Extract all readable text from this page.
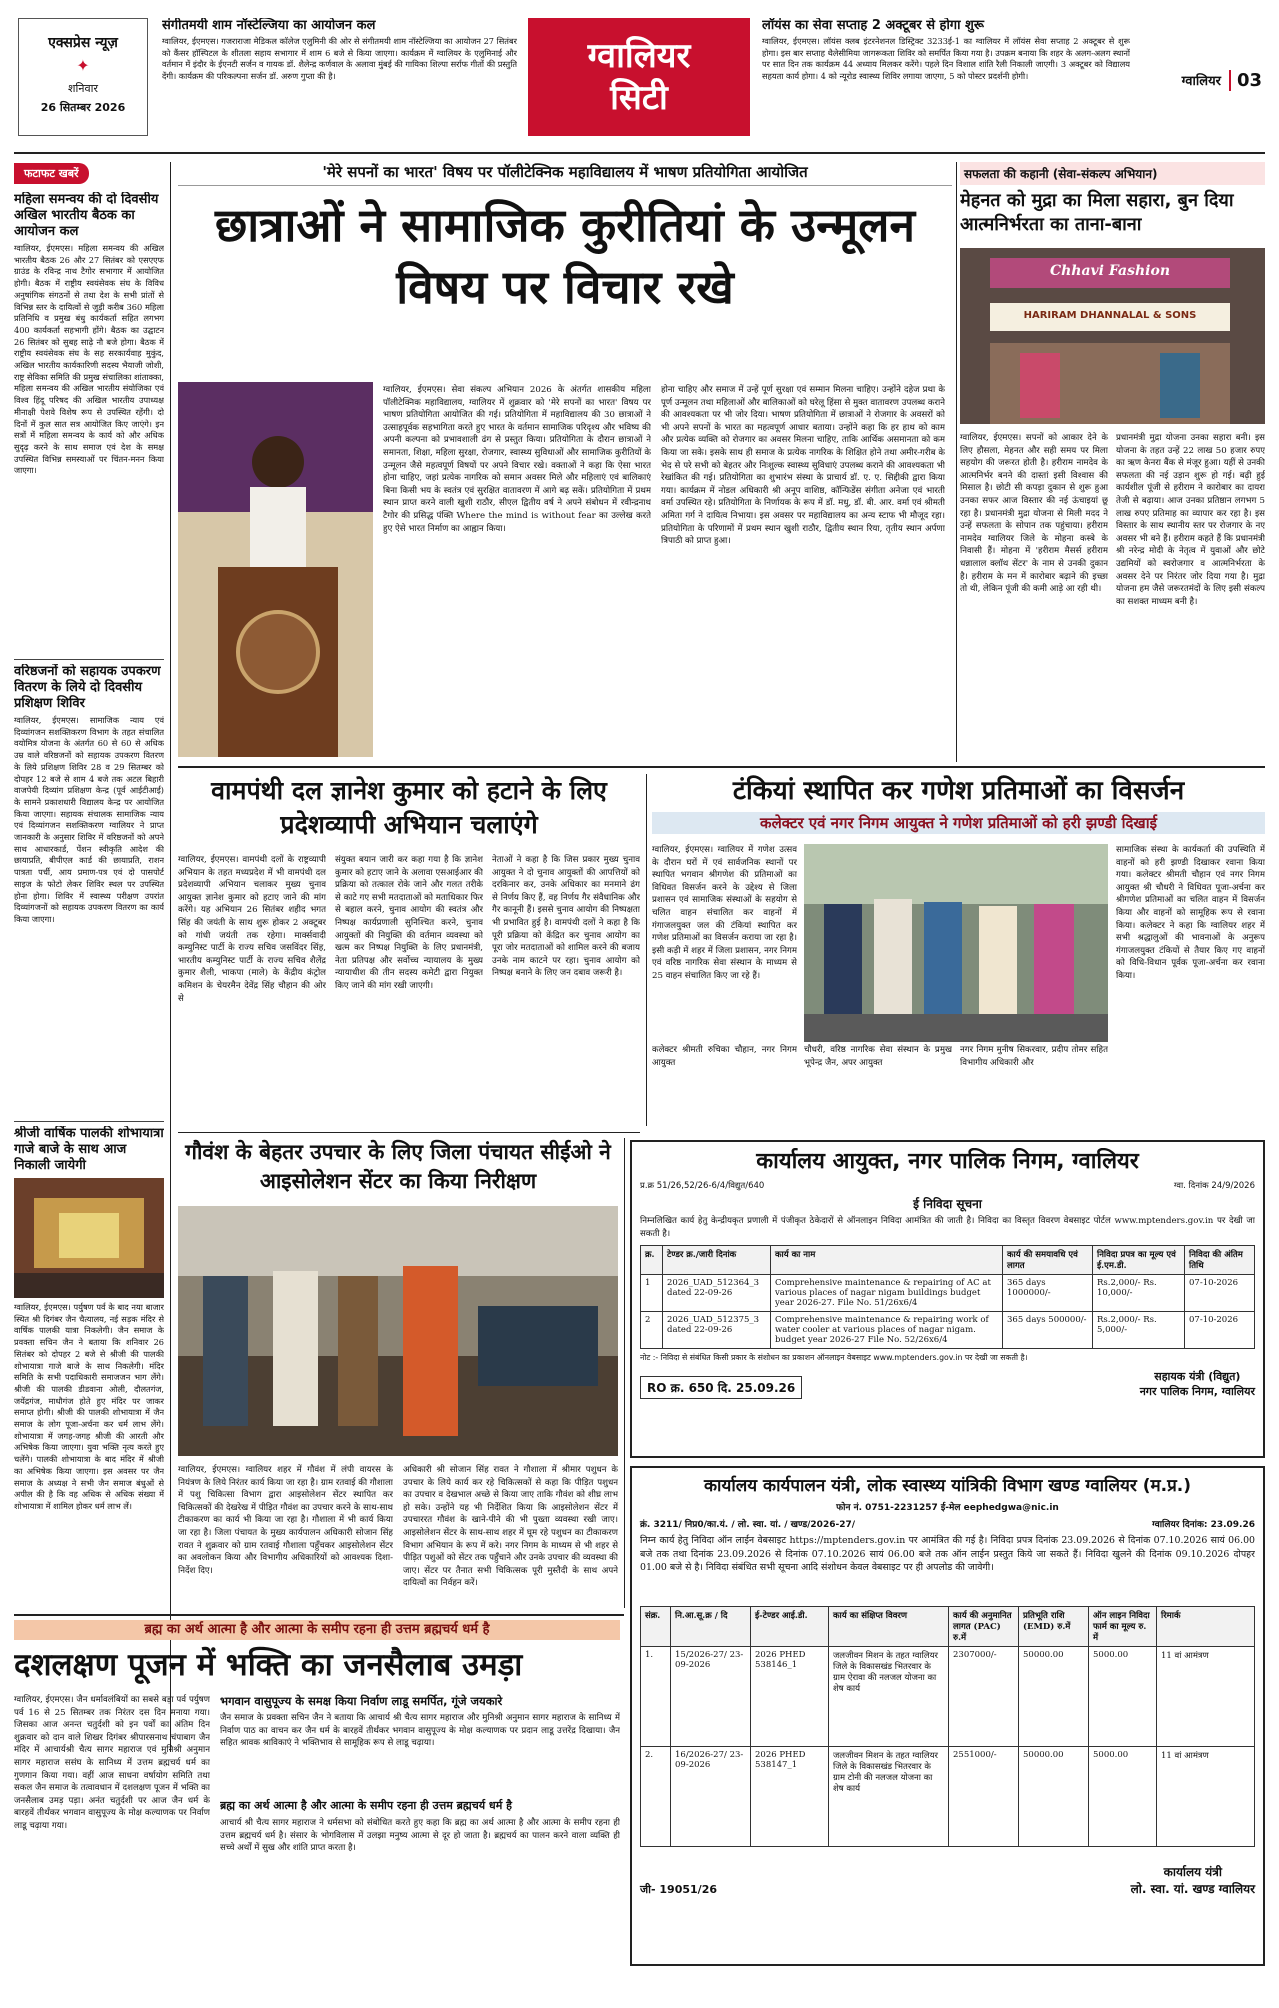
एक्सप्रेस न्यूज़
✦
शनिवार
26 सितम्बर 2026
संगीतमयी शाम नॉस्टेल्जिया का आयोजन कल
ग्वालियर, ईएमएस। गजराराजा मेडिकल कॉलेज एलुमिनी की ओर से संगीतमयी शाम नॉस्टेल्जिया का आयोजन 27 सितंबर को कैंसर हॉस्पिटल के शीतला सहाय सभागार में शाम 6 बजे से किया जाएगा। कार्यक्रम में ग्वालियर के एलुमिनाई और वर्तमान में इंदौर के ईएनटी सर्जन व गायक डॉ. शैलेन्द्र कर्णवाल के अलावा मुंबई की गायिका शिल्पा सर्राफ गीतों की प्रस्तुति देंगी। कार्यक्रम की परिकल्पना सर्जन डॉ. अरुण गुप्ता की है।	ग्वालियर
सिटी
लॉयंस का सेवा सप्ताह 2 अक्टूबर से होगा शुरू
ग्वालियर, ईएमएस। लॉयंस क्लब इंटरनेशनल डिस्ट्रिक्ट 3233ई-1 का ग्वालियर में लॉयंस सेवा सप्ताह 2 अक्टूबर से शुरू होगा। इस बार सप्ताह थैलेसीमिया जागरूकता शिविर को समर्पित किया गया है। उपक्रम बनाया कि शहर के अलग-अलग स्थानों पर सात दिन तक कार्यक्रम 44 अध्याय मिलकर करेंगे। पहले दिन विशाल शांति रैली निकाली जाएगी। 3 अक्टूबर को विद्यालय सहयता कार्य होगा। 4 को न्यूरोड स्वास्थ्य शिविर लगाया जाएगा, 5 को पोस्टर प्रदर्शनी होगी।	ग्वालियर 03
फटाफट खबरें
महिला समन्वय की दो दिवसीय अखिल भारतीय बैठक का आयोजन कल
ग्वालियर, ईएमएस। महिला समन्वय की अखिल भारतीय बैठक 26 और 27 सितंबर को एसएएफ ग्राउंड के रविन्द्र नाथ टैगोर सभागार में आयोजित होगी। बैठक में राष्ट्रीय स्वयंसेवक संघ के विविध अनुषांगिक संगठनों से तथा देश के सभी प्रांतों से विभिन्न स्तर के दायित्वों से जुड़ी करीब 360 महिला प्रतिनिधि व प्रमुख बंधु कार्यकर्ता सहित लगभग 400 कार्यकर्ता सहभागी होंगे। बैठक का उद्घाटन 26 सितंबर को सुबह साढ़े नौ बजे होगा। बैठक में राष्ट्रीय स्वयंसेवक संघ के सह सरकार्यवाह मुकुंद, अखिल भारतीय कार्यकारिणी सदस्य भैयाजी जोशी, राष्ट्र सेविका समिति की प्रमुख संचालिका शांताक्का, महिला समन्वय की अखिल भारतीय संयोजिका एवं विश्व हिंदू परिषद की अखिल भारतीय उपाध्यक्ष मीनाक्षी पेशवे विशेष रूप से उपस्थित रहेंगी। दो दिनों में कुल सात सत्र आयोजित किए जाएंगे। इन सत्रों में महिला समन्वय के कार्य को और अधिक सुदृढ़ करने के साथ समाज एवं देश के समक्ष उपस्थित विभिन्न समस्याओं पर चिंतन-मनन किया जाएगा।
वरिष्ठजनों को सहायक उपकरण वितरण के लिये दो दिवसीय प्रशिक्षण शिविर
ग्वालियर, ईएमएस। सामाजिक न्याय एवं दिव्यांगजन सशक्तिकरण विभाग के तहत संचालित वयोमित्र योजना के अंतर्गत 60 से 60 से अधिक उम्र वाले वरिष्ठजनों को सहायक उपकरण वितरण के लिये प्रशिक्षण शिविर 28 व 29 सितम्बर को दोपहर 12 बजे से शाम 4 बजे तक अटल बिहारी वाजपेयी दिव्यांग प्रशिक्षण केन्द्र (पूर्व आईटीआई) के सामने प्रकाशधारी विद्यालय केन्द्र पर आयोजित किया जाएगा। सहायक संचालक सामाजिक न्याय एवं दिव्यांगजन सशक्तिकरण ग्वालियर ने प्राप्त जानकारी के अनुसार शिविर में वरिष्ठजनों को अपने साथ आधारकार्ड, पेंशन स्वीकृति आदेश की छायाप्रति, बीपीएल कार्ड की छायाप्रति, राशन पात्रता पर्ची, आय प्रमाण-पत्र एवं दो पासपोर्ट साइज के फोटो लेकर शिविर स्थल पर उपस्थित होना होगा। शिविर में स्वास्थ्य परीक्षण उपरांत दिव्यांगजनों को सहायक उपकरण वितरण का कार्य किया जाएगा।
श्रीजी वार्षिक पालकी शोभायात्रा गाजे बाजे के साथ आज निकाली जायेगी
ग्वालियर, ईएमएस। पर्युषण पर्व के बाद नया बाजार स्थित श्री दिगंबर जैन चैत्यालय, नई सड़क मंदिर से वार्षिक पालकी यात्रा निकलेगी। जैन समाज के प्रवक्ता सचिन जैन ने बताया कि शनिवार 26 सितंबर को दोपहर 2 बजे से श्रीजी की पालकी शोभायात्रा गाजे बाजे के साथ निकलेगी। मंदिर समिति के सभी पदाधिकारी समाजजन भाग लेंगे। श्रीजी की पालकी डीडवाना ओली, दौलतगंज, जयेंद्रगंज, माधौगंज होते हुए मंदिर पर जाकर समाप्त होगी। श्रीजी की पालकी शोभायात्रा में जैन समाज के लोग पूजा-अर्चना कर धर्म लाभ लेंगे। शोभायात्रा में जगह-जगह श्रीजी की आरती और अभिषेक किया जाएगा। युवा भक्ति नृत्य करते हुए चलेंगे। पालकी शोभायात्रा के बाद मंदिर में श्रीजी का अभिषेक किया जाएगा। इस अवसर पर जैन समाज के अध्यक्ष ने सभी जैन समाज बंधुओं से अपील की है कि वह अधिक से अधिक संख्या में शोभायात्रा में शामिल होकर धर्म लाभ लें।
'मेरे सपनों का भारत' विषय पर पॉलीटेक्निक महाविद्यालय में भाषण प्रतियोगिता आयोजित
छात्राओं ने सामाजिक कुरीतियां के उन्मूलन विषय पर विचार रखे
ग्वालियर, ईएमएस। सेवा संकल्प अभियान 2026 के अंतर्गत शासकीय महिला पॉलीटेक्निक महाविद्यालय, ग्वालियर में शुक्रवार को 'मेरे सपनों का भारत' विषय पर भाषण प्रतियोगिता आयोजित की गई। प्रतियोगिता में महाविद्यालय की 30 छात्राओं ने उत्साहपूर्वक सहभागिता करते हुए भारत के वर्तमान सामाजिक परिदृश्य और भविष्य की अपनी कल्पना को प्रभावशाली ढंग से प्रस्तुत किया। प्रतियोगिता के दौरान छात्राओं ने समानता, शिक्षा, महिला सुरक्षा, रोजगार, स्वास्थ्य सुविधाओं और सामाजिक कुरीतियों के उन्मूलन जैसे महत्वपूर्ण विषयों पर अपने विचार रखे। वक्ताओं ने कहा कि ऐसा भारत होना चाहिए, जहां प्रत्येक नागरिक को समान अवसर मिले और महिलाएं एवं बालिकाएं बिना किसी भय के स्वतंत्र एवं सुरक्षित वातावरण में आगे बढ़ सकें। प्रतियोगिता में प्रथम स्थान प्राप्त करने वाली खुशी राठौर, सीएल द्वितीय वर्ष ने अपने संबोधन में रवीन्द्रनाथ टैगोर की प्रसिद्ध पंक्ति Where the mind is without fear का उल्लेख करते हुए ऐसे भारत निर्माण का आह्वान किया।
होना चाहिए और समाज में उन्हें पूर्ण सुरक्षा एवं सम्मान मिलना चाहिए। उन्होंने दहेज प्रथा के पूर्ण उन्मूलन तथा महिलाओं और बालिकाओं को घरेलू हिंसा से मुक्त वातावरण उपलब्ध कराने की आवश्यकता पर भी जोर दिया। भाषण प्रतियोगिता में छात्राओं ने रोजगार के अवसरों को भी अपने सपनों के भारत का महत्वपूर्ण आधार बताया। उन्होंने कहा कि हर हाथ को काम और प्रत्येक व्यक्ति को रोजगार का अवसर मिलना चाहिए, ताकि आर्थिक असमानता को कम किया जा सके। इसके साथ ही समाज के प्रत्येक नागरिक के शिक्षित होने तथा अमीर-गरीब के भेद से परे सभी को बेहतर और निःशुल्क स्वास्थ्य सुविधाएं उपलब्ध कराने की आवश्यकता भी रेखांकित की गई। प्रतियोगिता का शुभारंभ संस्था के प्राचार्य डॉ. ए. ए. सिद्दीकी द्वारा किया गया। कार्यक्रम में नोडल अधिकारी श्री अनूप वाशिष्ठ, कॉन्फिडेंस संगीता अनेजा एवं भारती वर्मा उपस्थित रहे। प्रतियोगिता के निर्णायक के रूप में डॉ. मधु, डॉ. बी. आर. वर्मा एवं श्रीमती अमिता गर्ग ने दायित्व निभाया। इस अवसर पर महाविद्यालय का अन्य स्टाफ भी मौजूद रहा। प्रतियोगिता के परिणामों में प्रथम स्थान खुशी राठौर, द्वितीय स्थान रिया, तृतीय स्थान अर्पणा त्रिपाठी को प्राप्त हुआ।
सफलता की कहानी (सेवा-संकल्प अभियान)
मेहनत को मुद्रा का मिला सहारा, बुन दिया आत्मनिर्भरता का ताना-बाना
Chhavi Fashion
HARIRAM DHANNALAL & SONS
ग्वालियर, ईएमएस। सपनों को आकार देने के लिए हौसला, मेहनत और सही समय पर मिला सहयोग की जरूरत होती है। हरीराम नामदेव के आत्मनिर्भर बनने की दास्तां इसी विश्वास की मिसाल है। छोटी सी कपड़ा दुकान से शुरू हुआ उनका सफर आज विस्तार की नई ऊंचाइयां छू रहा है। प्रधानमंत्री मुद्रा योजना से मिली मदद ने उन्हें सफलता के सोपान तक पहुंचाया। हरीराम नामदेव ग्वालियर जिले के मोहना कस्बे के निवासी हैं। मोहना में 'हरीराम मैसर्स हरीराम धन्नालाल क्लॉथ सेंटर' के नाम से उनकी दुकान है। हरीराम के मन में कारोबार बढ़ाने की इच्छा तो थी, लेकिन पूंजी की कमी आड़े आ रही थी।
प्रधानमंत्री मुद्रा योजना उनका सहारा बनी। इस योजना के तहत उन्हें 22 लाख 50 हजार रुपए का ऋण केनरा बैंक से मंजूर हुआ। यहीं से उनकी सफलता की नई उड़ान शुरू हो गई। बढ़ी हुई कार्यशील पूंजी से हरीराम ने कारोबार का दायरा तेजी से बढ़ाया। आज उनका प्रतिष्ठान लगभग 5 लाख रुपए प्रतिमाह का व्यापार कर रहा है। इस विस्तार के साथ स्थानीय स्तर पर रोजगार के नए अवसर भी बने हैं। हरीराम कहते हैं कि प्रधानमंत्री श्री नरेन्द्र मोदी के नेतृत्व में युवाओं और छोटे उद्यमियों को स्वरोजगार व आत्मनिर्भरता के अवसर देने पर निरंतर जोर दिया गया है। मुद्रा योजना हम जैसे जरूरतमंदों के लिए इसी संकल्प का सशक्त माध्यम बनी है।
वामपंथी दल ज्ञानेश कुमार को हटाने के लिए प्रदेशव्यापी अभियान चलाएंगे
ग्वालियर, ईएमएस। वामपंथी दलों के राष्ट्रव्यापी अभियान के तहत मध्यप्रदेश में भी वामपंथी दल प्रदेशव्यापी अभियान चलाकर मुख्य चुनाव आयुक्त ज्ञानेश कुमार को हटाए जाने की मांग करेंगे। यह अभियान 26 सितंबर शहीद भगत सिंह की जयंती के साथ शुरू होकर 2 अक्टूबर को गांधी जयंती तक रहेगा। मार्क्सवादी कम्युनिस्ट पार्टी के राज्य सचिव जसविंदर सिंह, भारतीय कम्युनिस्ट पार्टी के राज्य सचिव शैलेंद्र कुमार शैली, भाकपा (माले) के केंद्रीय कंट्रोल कमिशन के चेयरमैन देवेंद्र सिंह चौहान की ओर से
संयुक्त बयान जारी कर कहा गया है कि ज्ञानेश कुमार को हटाए जाने के अलावा एसआईआर की प्रक्रिया को तत्काल रोके जाने और गलत तरीके से काटे गए सभी मतदाताओं को मताधिकार फिर से बहाल करने, चुनाव आयोग की स्वतंत्र और निष्पक्ष कार्यप्रणाली सुनिश्चित करने, चुनाव आयुक्तों की नियुक्ति की वर्तमान व्यवस्था को खत्म कर निष्पक्ष नियुक्ति के लिए प्रधानमंत्री, नेता प्रतिपक्ष और सर्वोच्च न्यायालय के मुख्य न्यायाधीश की तीन सदस्य कमेटी द्वारा नियुक्त किए जाने की मांग रखी जाएगी।
नेताओं ने कहा है कि जिस प्रकार मुख्य चुनाव आयुक्त ने दो चुनाव आयुक्तों की आपत्तियों को दरकिनार कर, उनके अधिकार का मनमाने ढंग से निर्णय किए हैं, वह निर्णय गैर संवैधानिक और गैर कानूनी हैं। इससे चुनाव आयोग की निष्पक्षता भी प्रभावित हुई है। वामपंथी दलों ने कहा है कि पूरी प्रक्रिया को केंद्रित कर चुनाव आयोग का पूरा जोर मतदाताओं को शामिल करने की बजाय उनके नाम काटने पर रहा। चुनाव आयोग को निष्पक्ष बनाने के लिए जन दबाव जरूरी है।
टंकियां स्थापित कर गणेश प्रतिमाओं का विसर्जन
कलेक्टर एवं नगर निगम आयुक्त ने गणेश प्रतिमाओं को हरी झण्डी दिखाई
ग्वालियर, ईएमएस। ग्वालियर में गणेश उत्सव के दौरान घरों में एवं सार्वजनिक स्थानों पर स्थापित भगवान श्रीगणेश की प्रतिमाओं का विधिवत विसर्जन करने के उद्देश्य से जिला प्रशासन एवं सामाजिक संस्थाओं के सहयोग से चलित वाहन संचालित कर वाहनों में गंगाजलयुक्त जल की टंकियां स्थापित कर गणेश प्रतिमाओं का विसर्जन कराया जा रहा है। इसी कड़ी में शहर में जिला प्रशासन, नगर निगम एवं वरिष्ठ नागरिक सेवा संस्थान के माध्यम से 25 वाहन संचालित किए जा रहे हैं।
कलेक्टर श्रीमती रुचिका चौहान, नगर निगम आयुक्त
चौधरी, वरिष्ठ नागरिक सेवा संस्थान के प्रमुख भूपेन्द्र जैन, अपर आयुक्त
नगर निगम मुनीष सिकरवार, प्रदीप तोमर सहित विभागीय अधिकारी और
सामाजिक संस्था के कार्यकर्ता की उपस्थिति में वाहनों को हरी झण्डी दिखाकर रवाना किया गया। कलेक्टर श्रीमती चौहान एवं नगर निगम आयुक्त श्री चौधरी ने विधिवत पूजा-अर्चना कर श्रीगणेश प्रतिमाओं का चलित वाहन में विसर्जन किया और वाहनों को सामूहिक रूप से रवाना किया। कलेक्टर ने कहा कि ग्वालियर शहर में सभी श्रद्धालुओं की भावनाओं के अनुरूप गंगाजलयुक्त टंकियों से तैयार किए गए वाहनों को विधि-विधान पूर्वक पूजा-अर्चना कर रवाना किया।
गौवंश के बेहतर उपचार के लिए जिला पंचायत सीईओ ने आइसोलेशन सेंटर का किया निरीक्षण
ग्वालियर, ईएमएस। ग्वालियर शहर में गौवंश में लंपी वायरस के नियंत्रण के लिये निरंतर कार्य किया जा रहा है। ग्राम रतवाई की गौशाला में पशु चिकित्सा विभाग द्वारा आइसोलेशन सेंटर स्थापित कर चिकित्सकों की देखरेख में पीड़ित गौवंश का उपचार करने के साथ-साथ टीकाकरण का कार्य भी किया जा रहा है। गौशाला में भी कार्य किया जा रहा है। जिला पंचायत के मुख्य कार्यपालन अधिकारी सोजान सिंह रावत ने शुक्रवार को ग्राम रतवाई गौशाला पहुँचकर आइसोलेशन सेंटर का अवलोकन किया और विभागीय अधिकारियों को आवश्यक दिशा-निर्देश दिए।
अधिकारी श्री सोजान सिंह रावत ने गौशाला में श्रीमार पशुधन के उपचार के लिये कार्य कर रहे चिकित्सकों से कहा कि पीड़ित पशुधन का उपचार व देखभाल अच्छे से किया जाए ताकि गौवंश को शीघ्र लाभ हो सके। उन्होंने यह भी निर्देशित किया कि आइसोलेशन सेंटर में उपचाररत गौवंश के खाने-पीने की भी पुख्ता व्यवस्था रखी जाए। आइसोलेशन सेंटर के साथ-साथ शहर में घूम रहे पशुधन का टीकाकरण विभाग अभियान के रूप में करे। नगर निगम के माध्यम से भी शहर से पीड़ित पशुओं को सेंटर तक पहुँचाने और उनके उपचार की व्यवस्था की जाए। सेंटर पर तैनात सभी चिकित्सक पूरी मुस्तैदी के साथ अपने दायित्वों का निर्वहन करें।
कार्यालय आयुक्त, नगर पालिक निगम, ग्वालियर
प्र.क्र 51/26,52/26-6/4/विद्युत/640	ग्वा. दिनांक 24/9/2026
ई निविदा सूचना
निम्नलिखित कार्य हेतु केन्द्रीयकृत प्रणाली में पंजीकृत ठेकेदारों से ऑनलाइन निविदा आमंत्रित की जाती है। निविदा का विस्तृत विवरण वेबसाइट पोर्टल www.mptenders.gov.in पर देखी जा सकती है।
क्र.	टेण्डर क्र./जारी दिनांक	कार्य का नाम	कार्य की समयावधि एवं लागत	निविदा प्रपत्र का मूल्य एवं ई.एम.डी.	निविदा की अंतिम तिथि
1	2026_UAD_512364_3 dated 22-09-26	Comprehensive maintenance & repairing of AC at various places of nagar nigam buildings budget year 2026-27. File No. 51/26x6/4	365 days 1000000/-	Rs.2,000/- Rs. 10,000/-	07-10-2026
2	2026_UAD_512375_3 dated 22-09-26	Comprehensive maintenance & repairing work of water cooler at various places of nagar nigam. budget year 2026-27 File No. 52/26x6/4	365 days 500000/-	Rs.2,000/- Rs. 5,000/-	07-10-2026
नोट :- निविदा से संबंधित किसी प्रकार के संशोधन का प्रकाशन ऑनलाइन वेबसाइट www.mptenders.gov.in पर देखी जा सकती है।
RO क्र. 650 दि. 25.09.26
सहायक यंत्री (विद्युत)
नगर पालिक निगम, ग्वालियर
कार्यालय कार्यपालन यंत्री, लोक स्वास्थ्य यांत्रिकी विभाग खण्ड ग्वालियर (म.प्र.)
फोन नं. 0751-2231257 ई-मेल eephedgwa@nic.in
क्रं. 3211/ निप्र0/का.यं. / लो. स्वा. यां. / खण्ड/2026-27/	ग्वालियर दिनांक: 23.09.26
निम्न कार्य हेतु निविदा ऑन लाईन वेबसाइट https://mptenders.gov.in पर आमंत्रित की गई है। निविदा प्रपत्र दिनांक 23.09.2026 से दिनांक 07.10.2026 सायं 06.00 बजे तक तथा दिनांक 23.09.2026 से दिनांक 07.10.2026 सायं 06.00 बजे तक ऑन लाईन प्रस्तुत किये जा सकते हैं। निविदा खुलने की दिनांक 09.10.2026 दोपहर 01.00 बजे से है। निविदा संबंधित सभी सूचना आदि संशोधन केवल वेबसाइट पर ही अपलोड की जावेगी।
संक्र.	नि.आ.सू.क्र / दि	ई-टेण्डर आई.डी.	कार्य का संक्षिप्त विवरण	कार्य की अनुमानित लागत (PAC) रु.में	प्रतिभूति राशि (EMD) रु.में	ऑन लाइन निविदा फार्म का मूल्य रु. में	रिमार्क
1.	15/2026-27/ 23-09-2026	2026 PHED 538146_1	जलजीवन मिशन के तहत ग्वालियर जिले के विकासखंड भितरवार के ग्राम ऐरावा की नलजल योजना का शेष कार्य	2307000/-	50000.00	5000.00	11 वां आमंत्रण
2.	16/2026-27/ 23-09-2026	2026 PHED 538147_1	जलजीवन मिशन के तहत ग्वालियर जिले के विकासखंड भितरवार के ग्राम टोनी की नलजल योजना का शेष कार्य	2551000/-	50000.00	5000.00	11 वां आमंत्रण
जी- 19051/26
कार्यालय यंत्री
लो. स्वा. यां. खण्ड ग्वालियर
ब्रह्म का अर्थ आत्मा है और आत्मा के समीप रहना ही उत्तम ब्रह्मचर्य धर्म है
दशलक्षण पूजन में भक्ति का जनसैलाब उमड़ा
ग्वालियर, ईएमएस। जैन धर्मावलंबियों का सबसे बड़ा पर्व पर्युषण पर्व 16 से 25 सितम्बर तक निरंतर दस दिन मनाया गया। जिसका आज अनन्त चतुर्दशी को इन पर्वों का अंतिम दिन शुक्रवार को दान वाले शिखर दिगंबर श्रीपारसनाथ चंपाबाग जैन मंदिर में आचार्यश्री चैत्य सागर महाराज एवं मुनिश्री अनुमान सागर महाराज ससंघ के सानिध्य में उत्तम ब्रह्मचर्य धर्म का गुणगान किया गया। वहीं आज साधना वर्षायोग समिति तथा सकल जैन समाज के तत्वावधान में दशलक्षण पूजन में भक्ति का जनसैलाब उमड़ पड़ा। अनंत चतुर्दशी पर आज जैन धर्म के बारहवें तीर्थंकर भगवान वासुपूज्य के मोक्ष कल्याणक पर निर्वाण लाडू चढ़ाया गया।
भगवान वासुपूज्य के समक्ष किया निर्वाण लाडू समर्पित, गूंजे जयकारे
जैन समाज के प्रवक्ता सचिन जैन ने बताया कि आचार्य श्री चैत्य सागर महाराज और मुनिश्री अनुमान सागर महाराज के सानिध्य में निर्वाण पाठ का वाचन कर जैन धर्म के बारहवें तीर्थंकर भगवान वासुपूज्य के मोक्ष कल्याणक पर प्रदान लाडू उत्तरेंद्र दिखाया। जैन सहित श्रावक श्राविकाएं ने भक्तिभाव से सामूहिक रूप से लाडू चढ़ाया।
ब्रह्म का अर्थ आत्मा है और आत्मा के समीप रहना ही उत्तम ब्रह्मचर्य धर्म है
आचार्य श्री चैत्य सागर महाराज ने धर्मसभा को संबोधित करते हुए कहा कि ब्रह्म का अर्थ आत्मा है और आत्मा के समीप रहना ही उत्तम ब्रह्मचर्य धर्म है। संसार के भोगविलास में उलझा मनुष्य आत्मा से दूर हो जाता है। ब्रह्मचर्य का पालन करने वाला व्यक्ति ही सच्चे अर्थों में सुख और शांति प्राप्त करता है।
